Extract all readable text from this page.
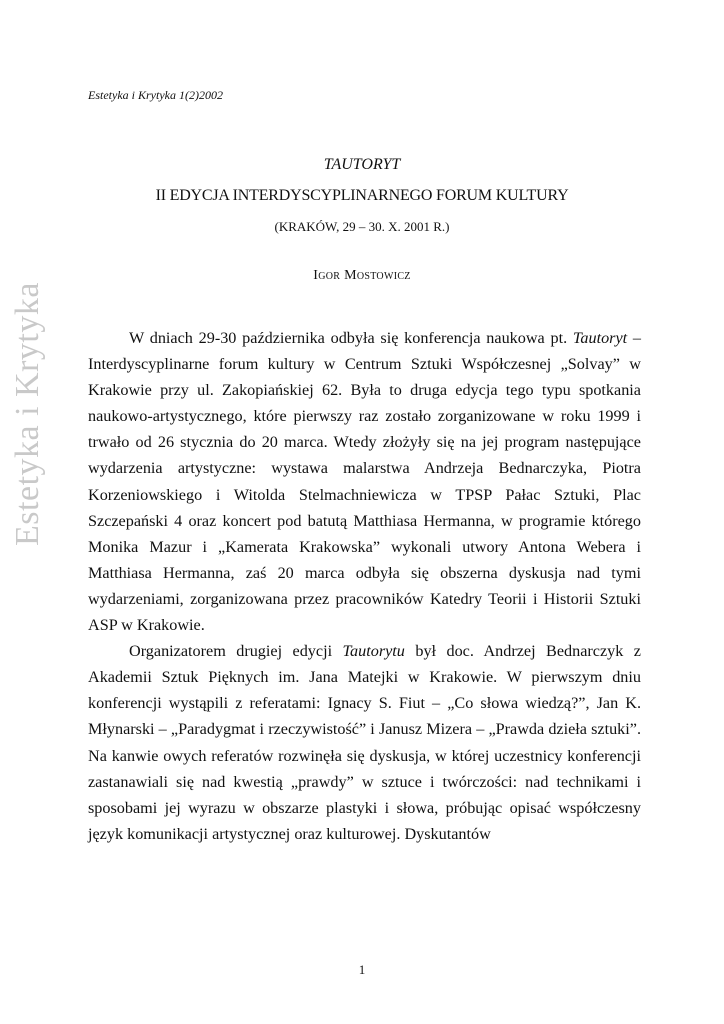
Estetyka i Krytyka
Estetyka i Krytyka 1(2)2002
TAUTORYT
II EDYCJA INTERDYSCYPLINARNEGO FORUM KULTURY
(KRAKÓW, 29 – 30. X. 2001 R.)
Igor Mostowicz

W dniach 29-30 października odbyła się konferencja naukowa pt. Tautoryt – Interdyscyplinarne forum kultury w Centrum Sztuki Współczesnej „Solvay” w Krakowie przy ul. Zakopiańskiej 62. Była to druga edycja tego typu spotkania naukowo-artystycznego, które pierwszy raz zostało zorganizowane w roku 1999 i trwało od 26 stycznia do 20 marca. Wtedy złożyły się na jej program następujące wydarzenia artystyczne: wystawa malarstwa Andrzeja Bednarczyka, Piotra Korzeniowskiego i Witolda Stelmachniewicza w TPSP Pałac Sztuki, Plac Szczepański 4 oraz koncert pod batutą Matthiasa Hermanna, w programie którego Monika Mazur i „Kamerata Krakowska” wykonali utwory Antona Webera i Matthiasa Hermanna, zaś 20 marca odbyła się obszerna dyskusja nad tymi wydarzeniami, zorganizowana przez pracowników Katedry Teorii i Historii Sztuki ASP w Krakowie.

Organizatorem drugiej edycji Tautorytu był doc. Andrzej Bednarczyk z Akademii Sztuk Pięknych im. Jana Matejki w Krakowie. W pierwszym dniu konferencji wystąpili z referatami: Ignacy S. Fiut – „Co słowa wiedzą?”, Jan K. Młynarski – „Paradygmat i rzeczywistość” i Janusz Mizera – „Prawda dzieła sztuki”. Na kanwie owych referatów rozwinęła się dyskusja, w której uczestnicy konferencji zastanawiali się nad kwestią „prawdy” w sztuce i twórczości: nad technikami i sposobami jej wyrazu w obszarze plastyki i słowa, próbując opisać współczesny język komunikacji artystycznej oraz kulturowej. Dyskutantów

1
